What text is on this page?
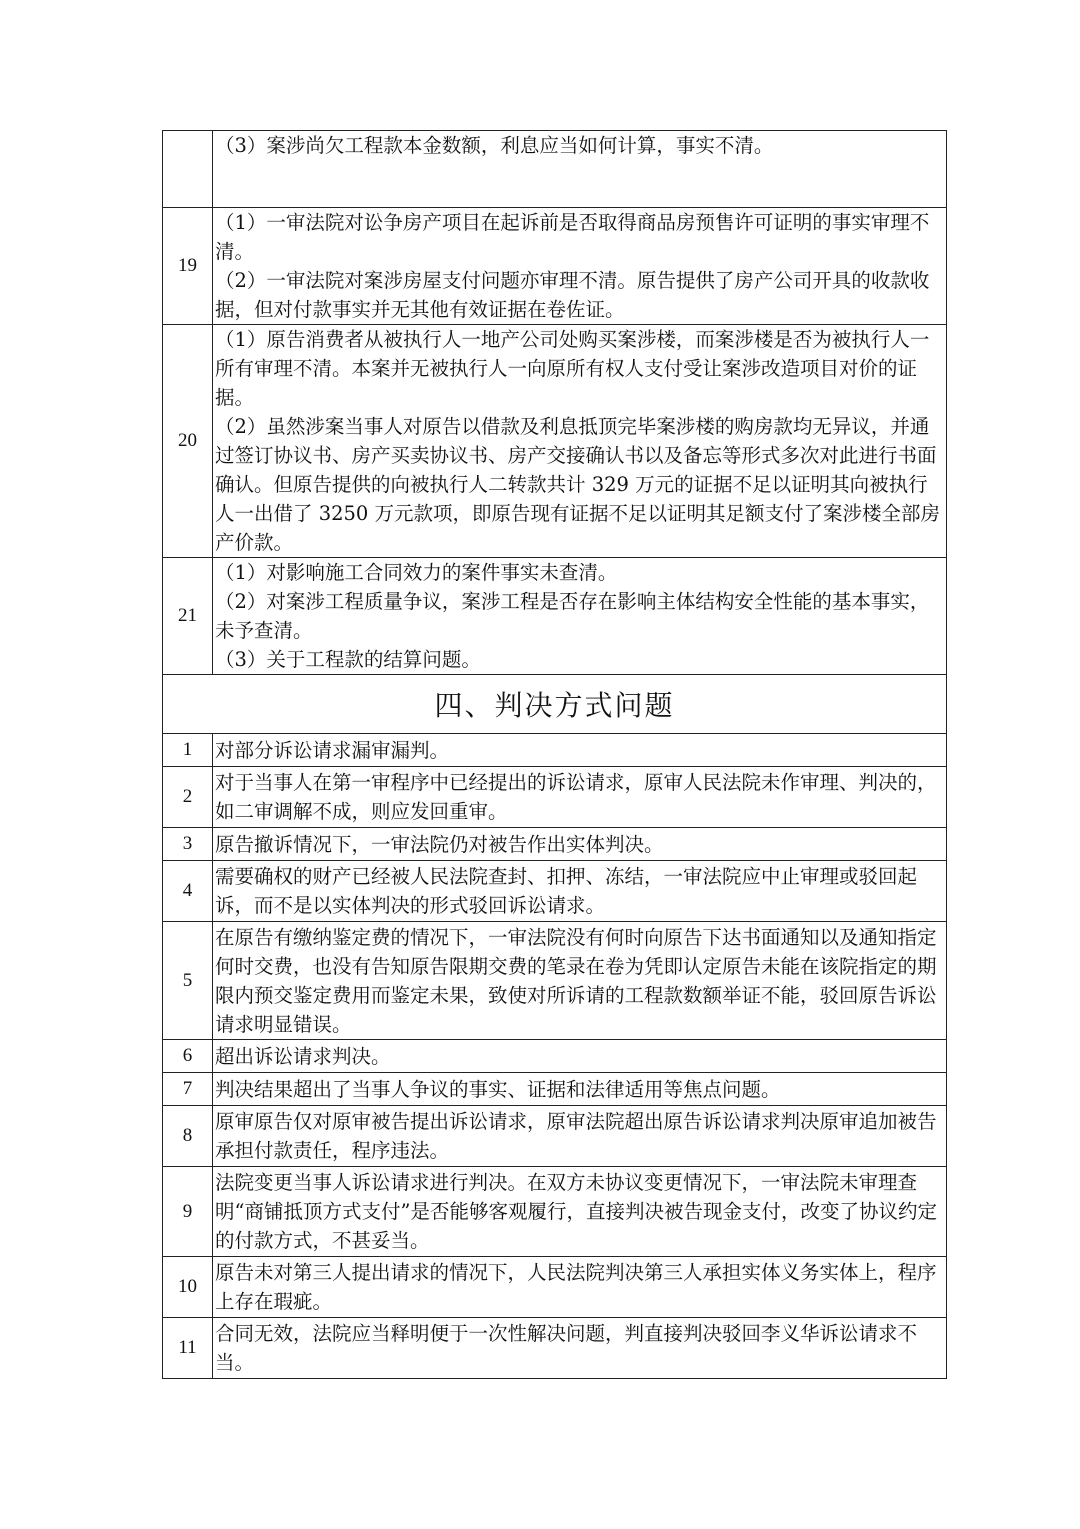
	（3）案涉尚欠工程款本金数额，利息应当如何计算，事实不清。

19	（1）一审法院对讼争房产项目在起诉前是否取得商品房预售许可证明的事实审理不清。

（2）一审法院对案涉房屋支付问题亦审理不清。原告提供了房产公司开具的收款收据，但对付款事实并无其他有效证据在卷佐证。

20	（1）原告消费者从被执行人一地产公司处购买案涉楼，而案涉楼是否为被执行人一所有审理不清。本案并无被执行人一向原所有权人支付受让案涉改造项目对价的证据。

（2）虽然涉案当事人对原告以借款及利息抵顶完毕案涉楼的购房款均无异议，并通过签订协议书、房产买卖协议书、房产交接确认书以及备忘等形式多次对此进行书面确认。但原告提供的向被执行人二转款共计 329 万元的证据不足以证明其向被执行人一出借了 3250 万元款项，即原告现有证据不足以证明其足额支付了案涉楼全部房产价款。

21	（1）对影响施工合同效力的案件事实未查清。

（2）对案涉工程质量争议，案涉工程是否存在影响主体结构安全性能的基本事实，未予查清。

（3）关于工程款的结算问题。

四、判决方式问题	
1	对部分诉讼请求漏审漏判。
2	对于当事人在第一审程序中已经提出的诉讼请求，原审人民法院未作审理、判决的，如二审调解不成，则应发回重审。
3	原告撤诉情况下，一审法院仍对被告作出实体判决。
4	需要确权的财产已经被人民法院查封、扣押、冻结，一审法院应中止审理或驳回起诉，而不是以实体判决的形式驳回诉讼请求。
5	在原告有缴纳鉴定费的情况下，一审法院没有何时向原告下达书面通知以及通知指定何时交费，也没有告知原告限期交费的笔录在卷为凭即认定原告未能在该院指定的期限内预交鉴定费用而鉴定未果，致使对所诉请的工程款数额举证不能，驳回原告诉讼请求明显错误。
6	超出诉讼请求判决。
7	判决结果超出了当事人争议的事实、证据和法律适用等焦点问题。
8	原审原告仅对原审被告提出诉讼请求，原审法院超出原告诉讼请求判决原审追加被告承担付款责任，程序违法。
9	法院变更当事人诉讼请求进行判决。在双方未协议变更情况下，一审法院未审理查明“商铺抵顶方式支付”是否能够客观履行，直接判决被告现金支付，改变了协议约定的付款方式，不甚妥当。
10	原告未对第三人提出请求的情况下，人民法院判决第三人承担实体义务实体上，程序上存在瑕疵。
11	合同无效，法院应当释明便于一次性解决问题，判直接判决驳回李义华诉讼请求不当。
